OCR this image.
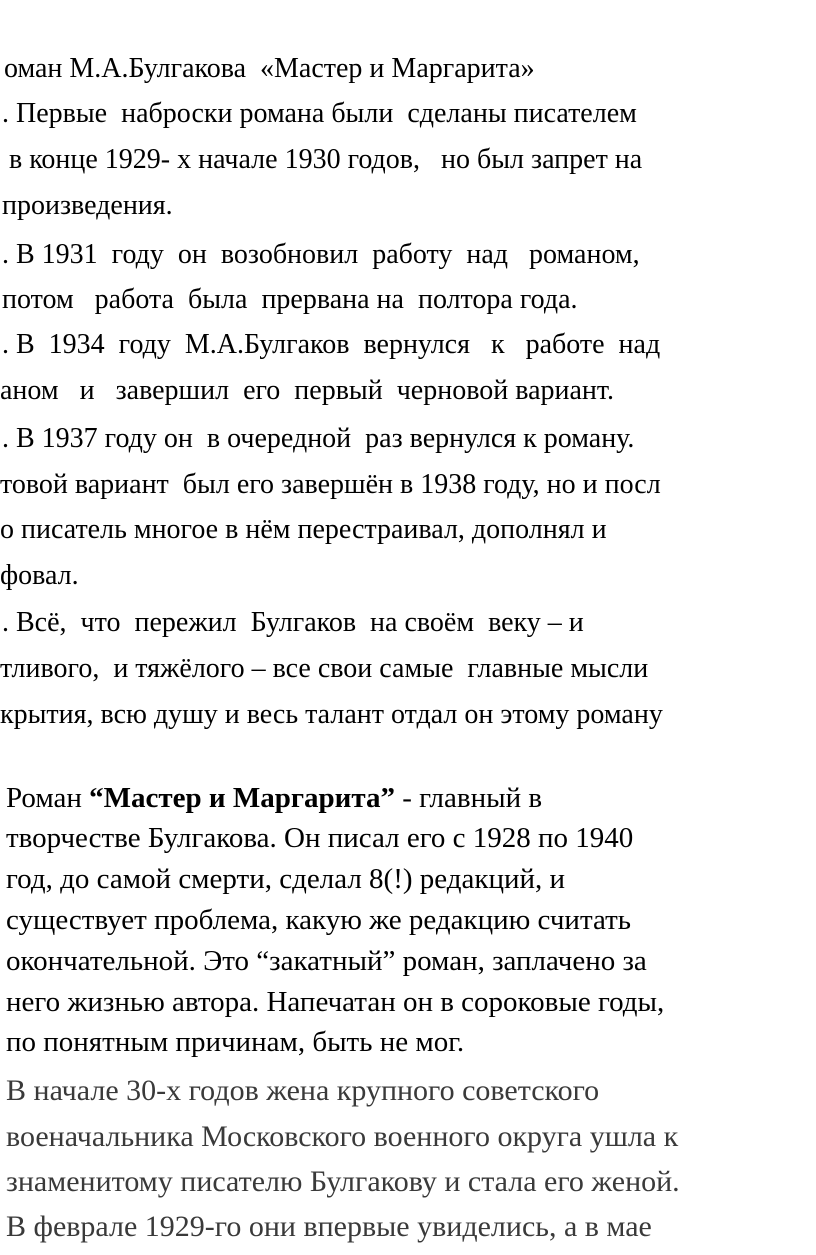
оман М.А.Булгакова  «Мастер и Маргарита»

. Первые  наброски романа были  сделаны писателем

в конце 1929- х начале 1930 годов,   но был запрет на

произведения.

. В 1931  году  он  возобновил  работу  над   романом,

потом   работа  была  прервана на  полтора года.

. В  1934  году  М.А.Булгаков  вернулся   к   работе  над

аном   и   завершил  его  первый  черновой вариант.

. В 1937 году он  в очередной  раз вернулся к роману.

товой вариант  был его завершён в 1938 году, но и посл

о писатель многое в нём перестраивал, дополнял и

фовал.

. Всё,  что  пережил  Булгаков  на своём  веку – и

тливого,  и тяжёлого – все свои самые  главные мысли

крытия, всю душу и весь талант отдал он этому роману

Роман “Мастер и Маргарита” - главный в

творчестве Булгакова. Он писал его с 1928 по 1940

год, до самой смерти, сделал 8(!) редакций, и

существует проблема, какую же редакцию считать

окончательной. Это “закатный” роман, заплачено за

него жизнью автора. Напечатан он в сороковые годы,

по понятным причинам, быть не мог.

В начале 30-х годов жена крупного советского

военачальника Московского военного округа ушла к

знаменитому писателю Булгакову и стала его женой.

В феврале 1929-го они впервые увиделись, а в мае
